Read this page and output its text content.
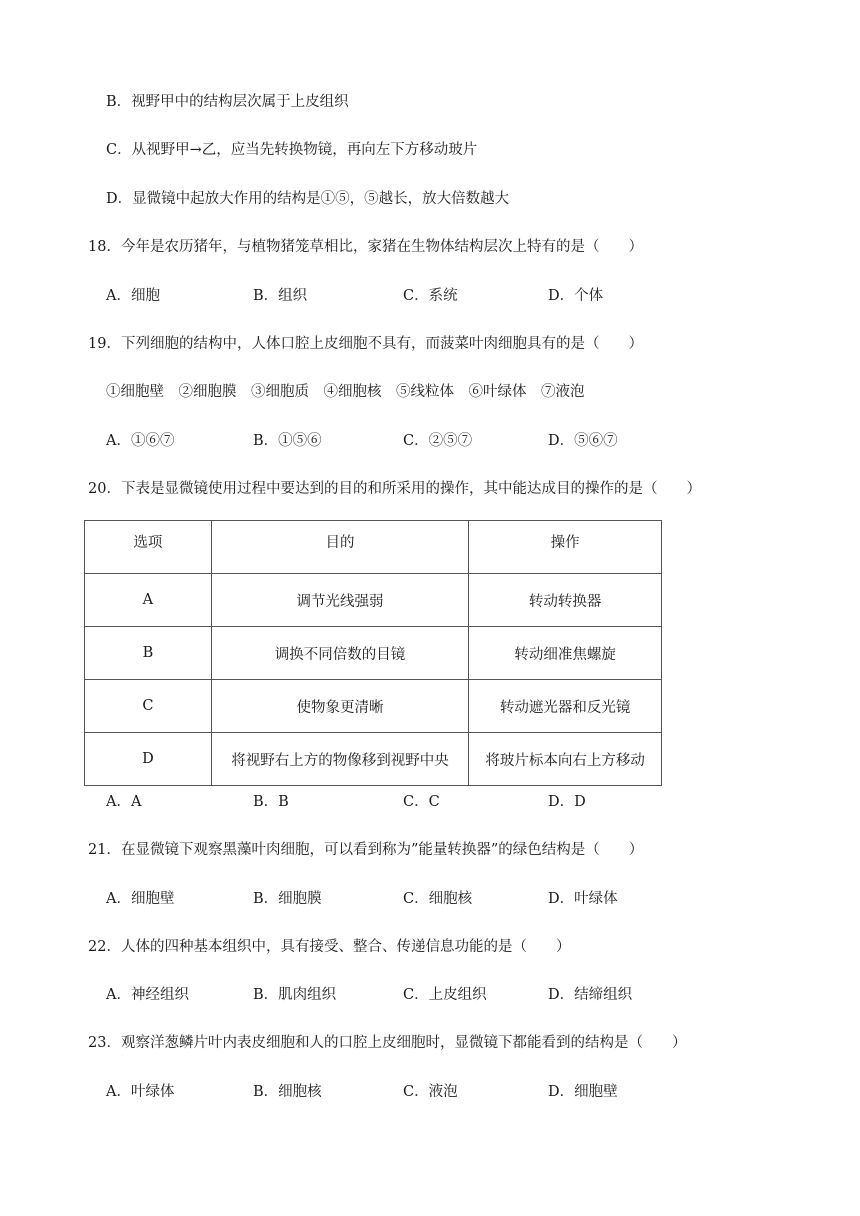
B．视野甲中的结构层次属于上皮组织
C．从视野甲→乙，应当先转换物镜，再向左下方移动玻片
D．显微镜中起放大作用的结构是①⑤，⑤越长，放大倍数越大
18．今年是农历猪年，与植物猪笼草相比，家猪在生物体结构层次上特有的是（　　）
A．细胞	B．组织	C．系统	D．个体
19．下列细胞的结构中，人体口腔上皮细胞不具有，而菠菜叶肉细胞具有的是（　　）
①细胞壁　②细胞膜　③细胞质　④细胞核　⑤线粒体　⑥叶绿体　⑦液泡
A．①⑥⑦	B．①⑤⑥	C．②⑤⑦	D．⑤⑥⑦
20．下表是显微镜使用过程中要达到的目的和所采用的操作，其中能达成目的操作的是（　　）
选项	目的	操作
A	调节光线强弱	转动转换器
B	调换不同倍数的目镜	转动细准焦螺旋
C	使物象更清晰	转动遮光器和反光镜
D	将视野右上方的物像移到视野中央	将玻片标本向右上方移动
A．A	B．B	C．C	D．D
21．在显微镜下观察黑藻叶肉细胞，可以看到称为”能量转换器”的绿色结构是（　　）
A．细胞壁	B．细胞膜	C．细胞核	D．叶绿体
22．人体的四种基本组织中，具有接受、整合、传递信息功能的是（　　）
A．神经组织	B．肌肉组织	C．上皮组织	D．结缔组织
23．观察洋葱鳞片叶内表皮细胞和人的口腔上皮细胞时，显微镜下都能看到的结构是（　　）
A．叶绿体	B．细胞核	C．液泡	D．细胞壁
